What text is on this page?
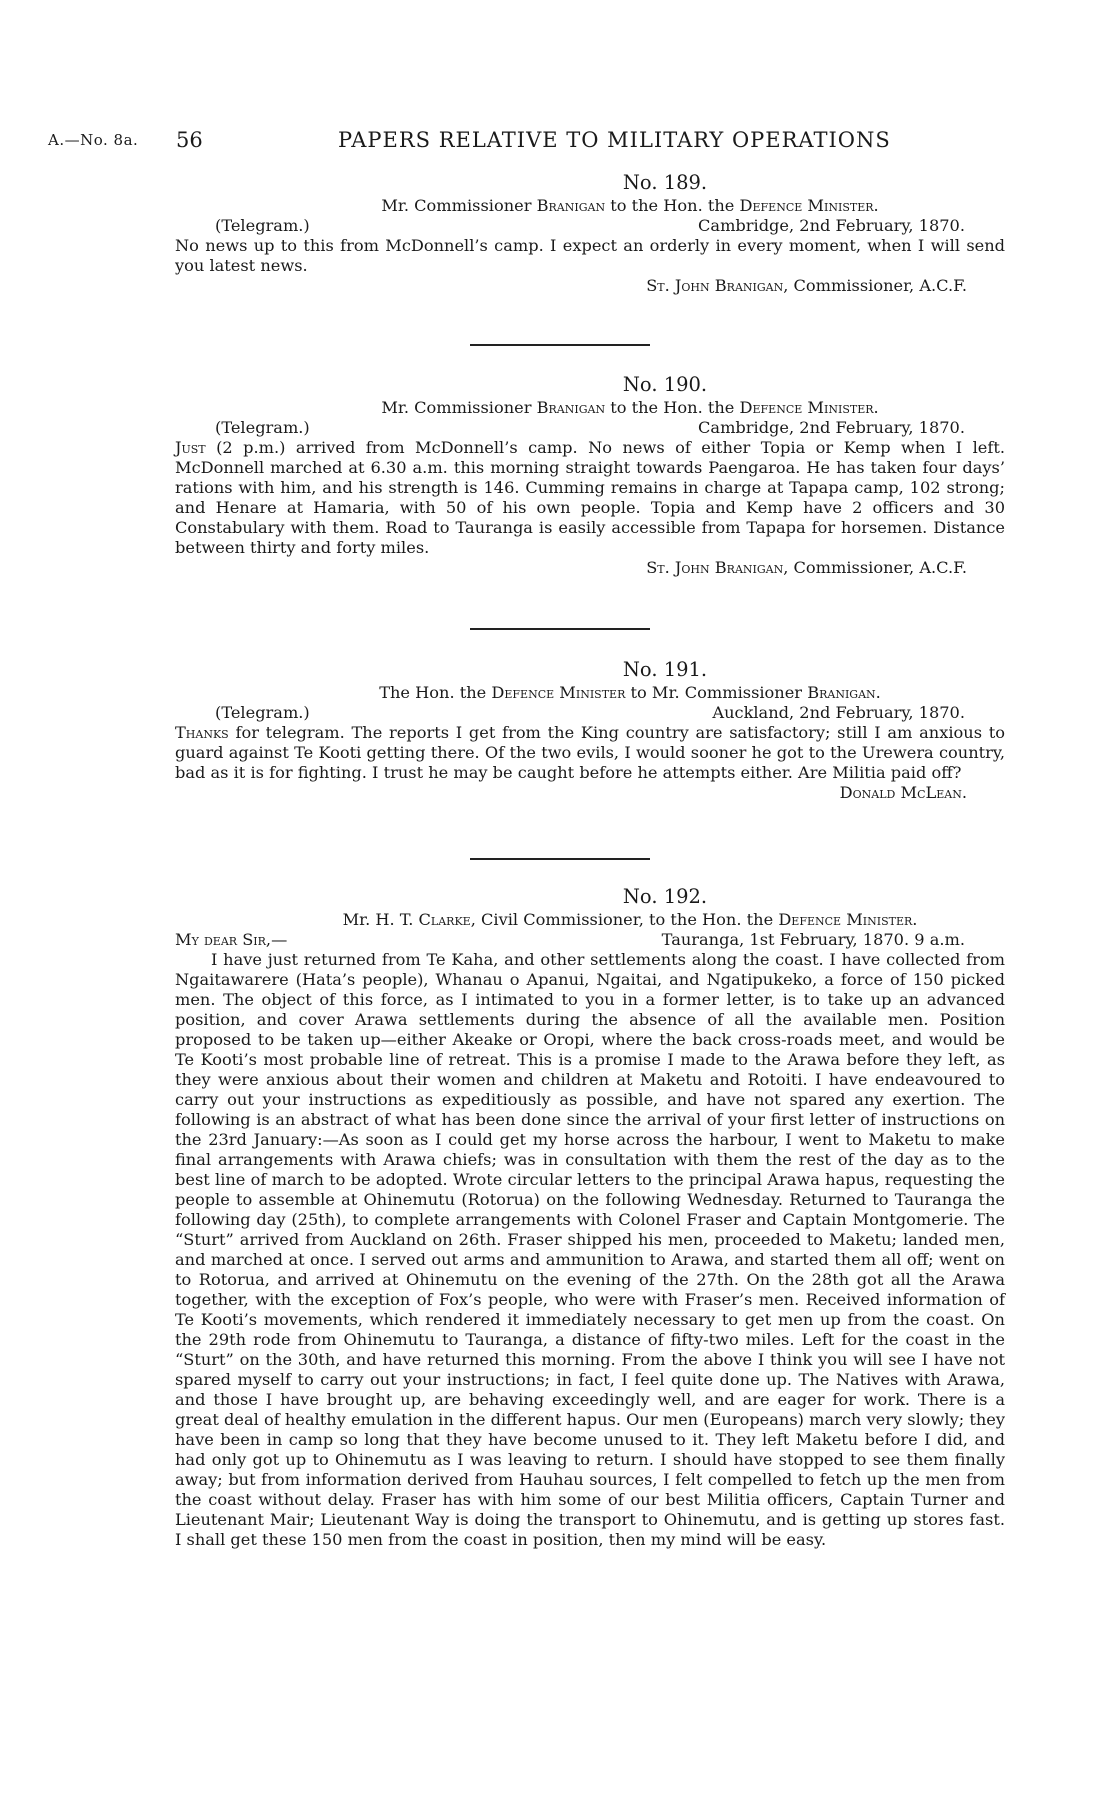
A.—No. 8a. 56	PAPERS RELATIVE TO MILITARY OPERATIONS
No. 189.
Mr. Commissioner Branigan to the Hon. the Defence Minister.
(Telegram.)	Cambridge, 2nd February, 1870.

No news up to this from McDonnell’s camp. I expect an orderly in every moment, when I will send you latest news.

St. John Branigan, Commissioner, A.C.F.
No. 190.
Mr. Commissioner Branigan to the Hon. the Defence Minister.
(Telegram.)	Cambridge, 2nd February, 1870.

Just (2 p.m.) arrived from McDonnell’s camp. No news of either Topia or Kemp when I left. McDonnell marched at 6.30 a.m. this morning straight towards Paengaroa. He has taken four days’ rations with him, and his strength is 146. Cumming remains in charge at Tapapa camp, 102 strong; and Henare at Hamaria, with 50 of his own people. Topia and Kemp have 2 officers and 30 Constabulary with them. Road to Tauranga is easily accessible from Tapapa for horsemen. Distance between thirty and forty miles.

St. John Branigan, Commissioner, A.C.F.
No. 191.
The Hon. the Defence Minister to Mr. Commissioner Branigan.
(Telegram.)	Auckland, 2nd February, 1870.

Thanks for telegram. The reports I get from the King country are satisfactory; still I am anxious to guard against Te Kooti getting there. Of the two evils, I would sooner he got to the Urewera country, bad as it is for fighting. I trust he may be caught before he attempts either. Are Militia paid off?

Donald McLean.
No. 192.
Mr. H. T. Clarke, Civil Commissioner, to the Hon. the Defence Minister.
My dear Sir,—	Tauranga, 1st February, 1870. 9 a.m.

I have just returned from Te Kaha, and other settlements along the coast. I have collected from Ngaitawarere (Hata’s people), Whanau o Apanui, Ngaitai, and Ngatipukeko, a force of 150 picked men. The object of this force, as I intimated to you in a former letter, is to take up an advanced position, and cover Arawa settlements during the absence of all the available men. Position proposed to be taken up—either Akeake or Oropi, where the back cross-roads meet, and would be Te Kooti’s most probable line of retreat. This is a promise I made to the Arawa before they left, as they were anxious about their women and children at Maketu and Rotoiti. I have endeavoured to carry out your instructions as expeditiously as possible, and have not spared any exertion. The following is an abstract of what has been done since the arrival of your first letter of instructions on the 23rd January:—As soon as I could get my horse across the harbour, I went to Maketu to make final arrangements with Arawa chiefs; was in consultation with them the rest of the day as to the best line of march to be adopted. Wrote circular letters to the principal Arawa hapus, requesting the people to assemble at Ohinemutu (Rotorua) on the following Wednesday. Returned to Tauranga the following day (25th), to complete arrangements with Colonel Fraser and Captain Montgomerie. The “Sturt” arrived from Auckland on 26th. Fraser shipped his men, proceeded to Maketu; landed men, and marched at once. I served out arms and ammunition to Arawa, and started them all off; went on to Rotorua, and arrived at Ohinemutu on the evening of the 27th. On the 28th got all the Arawa together, with the exception of Fox’s people, who were with Fraser’s men. Received information of Te Kooti’s movements, which rendered it immediately necessary to get men up from the coast. On the 29th rode from Ohinemutu to Tauranga, a distance of fifty-two miles. Left for the coast in the “Sturt” on the 30th, and have returned this morning. From the above I think you will see I have not spared myself to carry out your instructions; in fact, I feel quite done up. The Natives with Arawa, and those I have brought up, are behaving exceedingly well, and are eager for work. There is a great deal of healthy emulation in the different hapus. Our men (Europeans) march very slowly; they have been in camp so long that they have become unused to it. They left Maketu before I did, and had only got up to Ohinemutu as I was leaving to return. I should have stopped to see them finally away; but from information derived from Hauhau sources, I felt compelled to fetch up the men from the coast without delay. Fraser has with him some of our best Militia officers, Captain Turner and Lieutenant Mair; Lieutenant Way is doing the transport to Ohinemutu, and is getting up stores fast. I shall get these 150 men from the coast in position, then my mind will be easy.
